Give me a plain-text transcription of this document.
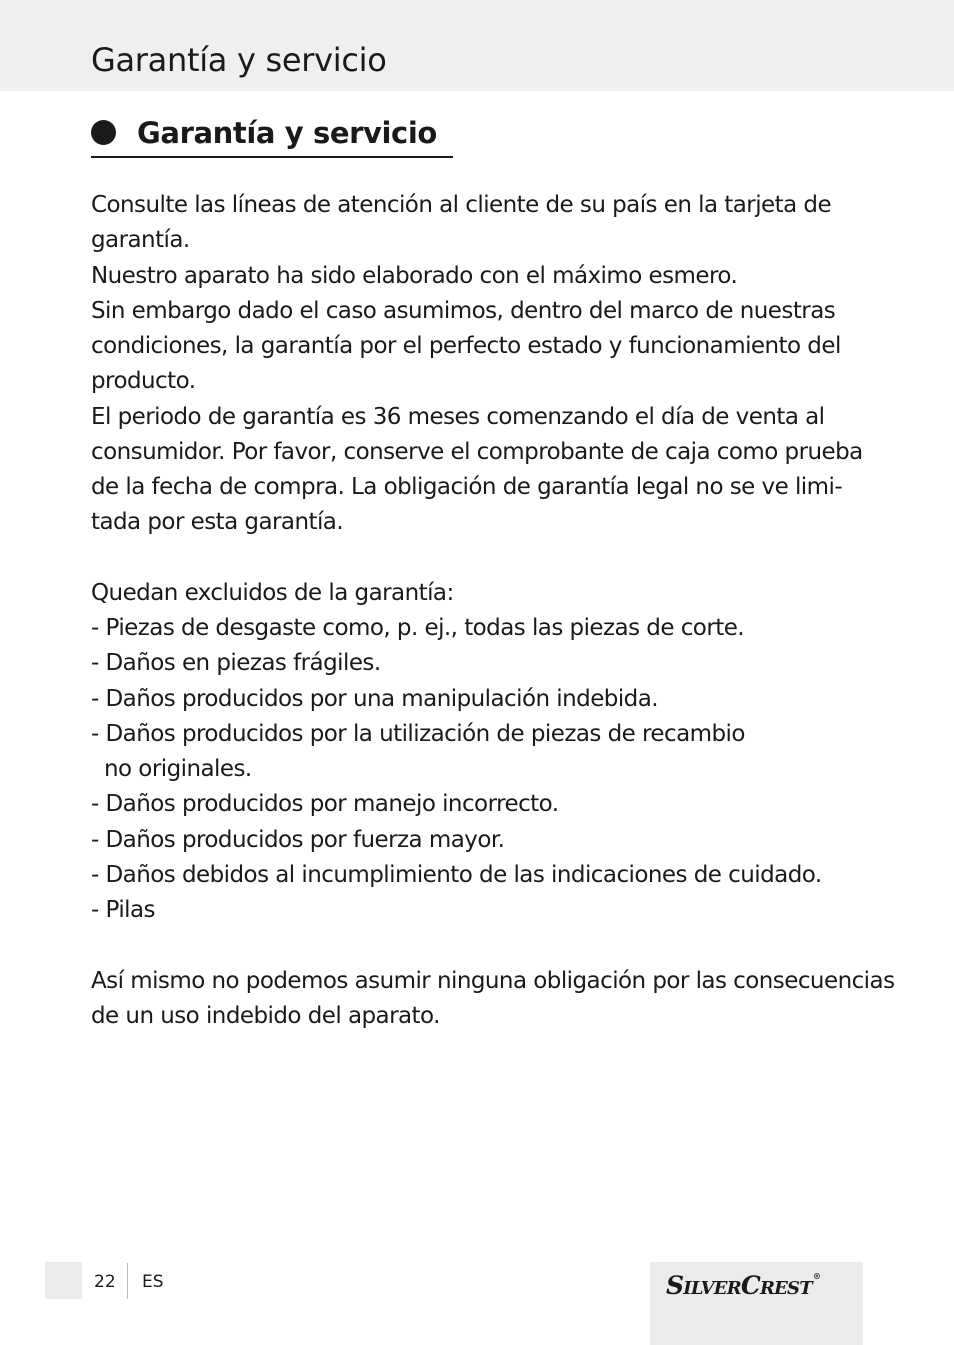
Garantía y servicio
Garantía y servicio
Consulte las líneas de atención al cliente de su país en la tarjeta de
garantía.
Nuestro aparato ha sido elaborado con el máximo esmero.
Sin embargo dado el caso asumimos, dentro del marco de nuestras
condiciones, la garantía por el perfecto estado y funcionamiento del
producto.
El periodo de garantía es 36 meses comenzando el día de venta al
consumidor. Por favor, conserve el comprobante de caja como prueba
de la fecha de compra. La obligación de garantía legal no se ve limi-
tada por esta garantía.
Quedan excluidos de la garantía:
- Piezas de desgaste como, p. ej., todas las piezas de corte.
- Daños en piezas frágiles.
- Daños producidos por una manipulación indebida.
- Daños producidos por la utilización de piezas de recambio
no originales.
- Daños producidos por manejo incorrecto.
- Daños producidos por fuerza mayor.
- Daños debidos al incumplimiento de las indicaciones de cuidado.
- Pilas
Así mismo no podemos asumir ninguna obligación por las consecuencias
de un uso indebido del aparato.
22 ES	SILVERCREST®
